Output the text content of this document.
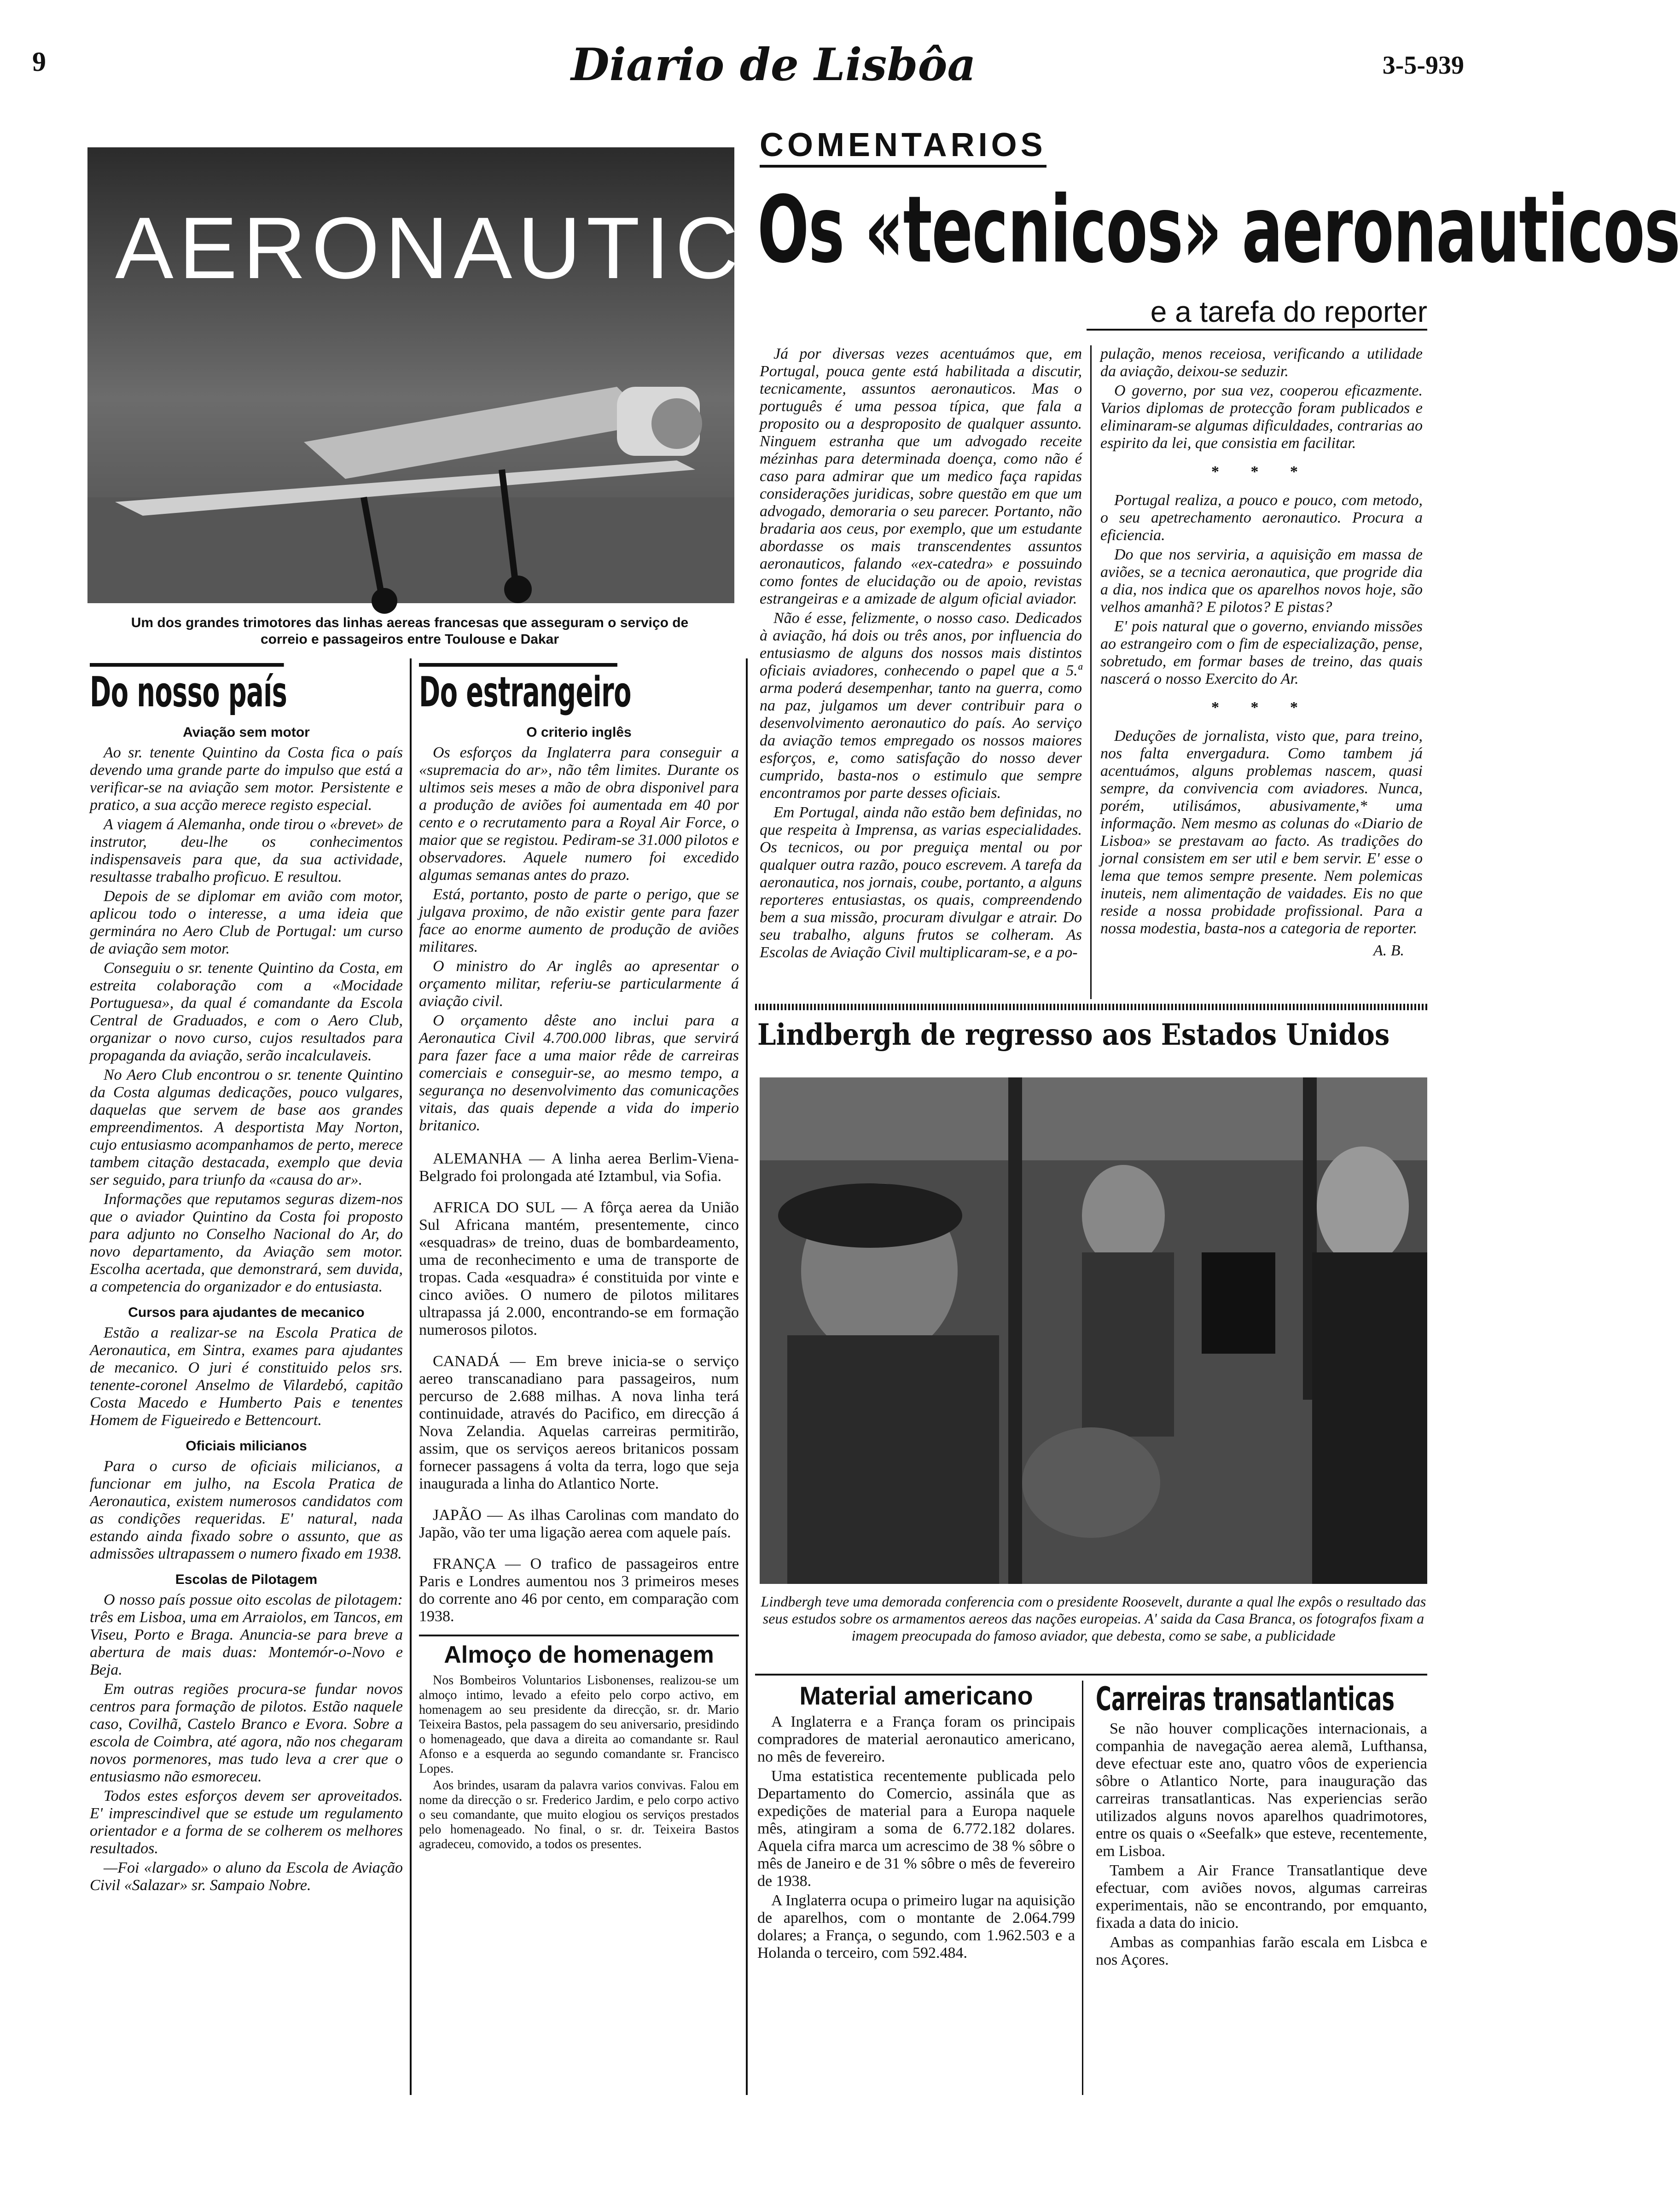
9	Diario de Lisbôa	3-5-939
AERONAUTICA
Um dos grandes trimotores das linhas aereas francesas que asseguram o serviço de correio e passageiros entre Toulouse e Dakar
COMENTARIOS
Os «tecnicos» aeronauticos
e a tarefa do reporter

Já por diversas vezes acentuámos que, em Portugal, pouca gente está habilitada a discutir, tecnicamente, assuntos aeronauticos. Mas o português é uma pessoa típica, que fala a proposito ou a desproposito de qualquer assunto. Ninguem estranha que um advogado receite mézinhas para determinada doença, como não é caso para admirar que um medico faça rapidas considerações juridicas, sobre questão em que um advogado, demoraria o seu parecer. Portanto, não bradaria aos ceus, por exemplo, que um estudante abordasse os mais transcendentes assuntos aeronauticos, falando «ex-catedra» e possuindo como fontes de elucidação ou de apoio, revistas estrangeiras e a amizade de algum oficial aviador.

Não é esse, felizmente, o nosso caso. Dedicados à aviação, há dois ou três anos, por influencia do entusiasmo de alguns dos nossos mais distintos oficiais aviadores, conhecendo o papel que a 5.ª arma poderá desempenhar, tanto na guerra, como na paz, julgamos um dever contribuir para o desenvolvimento aeronautico do país. Ao serviço da aviação temos empregado os nossos maiores esforços, e, como satisfação do nosso dever cumprido, basta-nos o estimulo que sempre encontramos por parte desses oficiais.

Em Portugal, ainda não estão bem definidas, no que respeita à Imprensa, as varias especialidades. Os tecnicos, ou por preguiça mental ou por qualquer outra razão, pouco escrevem. A tarefa da aeronautica, nos jornais, coube, portanto, a alguns reporteres entusiastas, os quais, compreendendo bem a sua missão, procuram divulgar e atrair. Do seu trabalho, alguns frutos se colheram. As Escolas de Aviação Civil multiplicaram-se, e a po-

pulação, menos receiosa, verificando a utilidade da aviação, deixou-se seduzir.

O governo, por sua vez, cooperou eficazmente. Varios diplomas de protecção foram publicados e eliminaram-se algumas dificuldades, contrarias ao espirito da lei, que consistia em facilitar.

* * *

Portugal realiza, a pouco e pouco, com metodo, o seu apetrechamento aeronautico. Procura a eficiencia.

Do que nos serviria, a aquisição em massa de aviões, se a tecnica aeronautica, que progride dia a dia, nos indica que os aparelhos novos hoje, são velhos amanhã? E pilotos? E pistas?

E' pois natural que o governo, enviando missões ao estrangeiro com o fim de especialização, pense, sobretudo, em formar bases de treino, das quais nascerá o nosso Exercito do Ar.

* * *

Deduções de jornalista, visto que, para treino, nos falta envergadura. Como tambem já acentuámos, alguns problemas nascem, quasi sempre, da convivencia com aviadores. Nunca, porém, utilisámos, abusivamente,* uma informação. Nem mesmo as colunas do «Diario de Lisboa» se prestavam ao facto. As tradições do jornal consistem em ser util e bem servir. E' esse o lema que temos sempre presente. Nem polemicas inuteis, nem alimentação de vaidades. Eis no que reside a nossa probidade profissional. Para a nossa modestia, basta-nos a categoria de reporter.

A. B.
Do nosso país
Aviação sem motor

Ao sr. tenente Quintino da Costa fica o país devendo uma grande parte do impulso que está a verificar-se na aviação sem motor. Persistente e pratico, a sua acção merece registo especial.

A viagem á Alemanha, onde tirou o «brevet» de instrutor, deu-lhe os conhecimentos indispensaveis para que, da sua actividade, resultasse trabalho proficuo. E resultou.

Depois de se diplomar em avião com motor, aplicou todo o interesse, a uma ideia que germinára no Aero Club de Portugal: um curso de aviação sem motor.

Conseguiu o sr. tenente Quintino da Costa, em estreita colaboração com a «Mocidade Portuguesa», da qual é comandante da Escola Central de Graduados, e com o Aero Club, organizar o novo curso, cujos resultados para propaganda da aviação, serão incalculaveis.

No Aero Club encontrou o sr. tenente Quintino da Costa algumas dedicações, pouco vulgares, daquelas que servem de base aos grandes empreendimentos. A desportista May Norton, cujo entusiasmo acompanhamos de perto, merece tambem citação destacada, exemplo que devia ser seguido, para triunfo da «causa do ar».

Informações que reputamos seguras dizem-nos que o aviador Quintino da Costa foi proposto para adjunto no Conselho Nacional do Ar, do novo departamento, da Aviação sem motor. Escolha acertada, que demonstrará, sem duvida, a competencia do organizador e do entusiasta.

Cursos para ajudantes de mecanico

Estão a realizar-se na Escola Pratica de Aeronautica, em Sintra, exames para ajudantes de mecanico. O juri é constituido pelos srs. tenente-coronel Anselmo de Vilardebó, capitão Costa Macedo e Humberto Pais e tenentes Homem de Figueiredo e Bettencourt.

Oficiais milicianos

Para o curso de oficiais milicianos, a funcionar em julho, na Escola Pratica de Aeronautica, existem numerosos candidatos com as condições requeridas. E' natural, nada estando ainda fixado sobre o assunto, que as admissões ultrapassem o numero fixado em 1938.

Escolas de Pilotagem

O nosso país possue oito escolas de pilotagem: três em Lisboa, uma em Arraiolos, em Tancos, em Viseu, Porto e Braga. Anuncia-se para breve a abertura de mais duas: Montemór-o-Novo e Beja.

Em outras regiões procura-se fundar novos centros para formação de pilotos. Estão naquele caso, Covilhã, Castelo Branco e Evora. Sobre a escola de Coimbra, até agora, não nos chegaram novos pormenores, mas tudo leva a crer que o entusiasmo não esmoreceu.

Todos estes esforços devem ser aproveitados. E' imprescindivel que se estude um regulamento orientador e a forma de se colherem os melhores resultados.

—Foi «largado» o aluno da Escola de Aviação Civil «Salazar» sr. Sampaio Nobre.

Do estrangeiro
O criterio inglês

Os esforços da Inglaterra para conseguir a «supremacia do ar», não têm limites. Durante os ultimos seis meses a mão de obra disponivel para a produção de aviões foi aumentada em 40 por cento e o recrutamento para a Royal Air Force, o maior que se registou. Pediram-se 31.000 pilotos e observadores. Aquele numero foi excedido algumas semanas antes do prazo.

Está, portanto, posto de parte o perigo, que se julgava proximo, de não existir gente para fazer face ao enorme aumento de produção de aviões militares.

O ministro do Ar inglês ao apresentar o orçamento militar, referiu-se particularmente á aviação civil.

O orçamento dêste ano inclui para a Aeronautica Civil 4.700.000 libras, que servirá para fazer face a uma maior rêde de carreiras comerciais e conseguir-se, ao mesmo tempo, a segurança no desenvolvimento das comunicações vitais, das quais depende a vida do imperio britanico.

ALEMANHA — A linha aerea Berlim-Viena-Belgrado foi prolongada até Iztambul, via Sofia.

AFRICA DO SUL — A fôrça aerea da União Sul Africana mantém, presentemente, cinco «esquadras» de treino, duas de bombardeamento, uma de reconhecimento e uma de transporte de tropas. Cada «esquadra» é constituida por vinte e cinco aviões. O numero de pilotos militares ultrapassa já 2.000, encontrando-se em formação numerosos pilotos.

CANADÁ — Em breve inicia-se o serviço aereo transcanadiano para passageiros, num percurso de 2.688 milhas. A nova linha terá continuidade, através do Pacifico, em direcção á Nova Zelandia. Aquelas carreiras permitirão, assim, que os serviços aereos britanicos possam fornecer passagens á volta da terra, logo que seja inaugurada a linha do Atlantico Norte.

JAPÃO — As ilhas Carolinas com mandato do Japão, vão ter uma ligação aerea com aquele país.

FRANÇA — O trafico de passageiros entre Paris e Londres aumentou nos 3 primeiros meses do corrente ano 46 por cento, em comparação com 1938.

Almoço de homenagem

Nos Bombeiros Voluntarios Lisbonenses, realizou-se um almoço intimo, levado a efeito pelo corpo activo, em homenagem ao seu presidente da direcção, sr. dr. Mario Teixeira Bastos, pela passagem do seu aniversario, presidindo o homenageado, que dava a direita ao comandante sr. Raul Afonso e a esquerda ao segundo comandante sr. Francisco Lopes.

Aos brindes, usaram da palavra varios convivas. Falou em nome da direcção o sr. Frederico Jardim, e pelo corpo activo o seu comandante, que muito elogiou os serviços prestados pelo homenageado. No final, o sr. dr. Teixeira Bastos agradeceu, comovido, a todos os presentes.

Lindbergh de regresso aos Estados Unidos
Lindbergh teve uma demorada conferencia com o presidente Roosevelt, durante a qual lhe expôs o resultado das seus estudos sobre os armamentos aereos das nações europeias. A' saida da Casa Branca, os fotografos fixam a imagem preocupada do famoso aviador, que debesta, como se sabe, a publicidade
Material americano

A Inglaterra e a França foram os principais compradores de material aeronautico americano, no mês de fevereiro.

Uma estatistica recentemente publicada pelo Departamento do Comercio, assinála que as expedições de material para a Europa naquele mês, atingiram a soma de 6.772.182 dolares. Aquela cifra marca um acrescimo de 38 % sôbre o mês de Janeiro e de 31 % sôbre o mês de fevereiro de 1938.

A Inglaterra ocupa o primeiro lugar na aquisição de aparelhos, com o montante de 2.064.799 dolares; a França, o segundo, com 1.962.503 e a Holanda o terceiro, com 592.484.

Carreiras transatlanticas

Se não houver complicações internacionais, a companhia de navegação aerea alemã, Lufthansa, deve efectuar este ano, quatro vôos de experiencia sôbre o Atlantico Norte, para inauguração das carreiras transatlanticas. Nas experiencias serão utilizados alguns novos aparelhos quadrimotores, entre os quais o «Seefalk» que esteve, recentemente, em Lisboa.

Tambem a Air France Transatlantique deve efectuar, com aviões novos, algumas carreiras experimentais, não se encontrando, por emquanto, fixada a data do inicio.

Ambas as companhias farão escala em Lisbca e nos Açores.
